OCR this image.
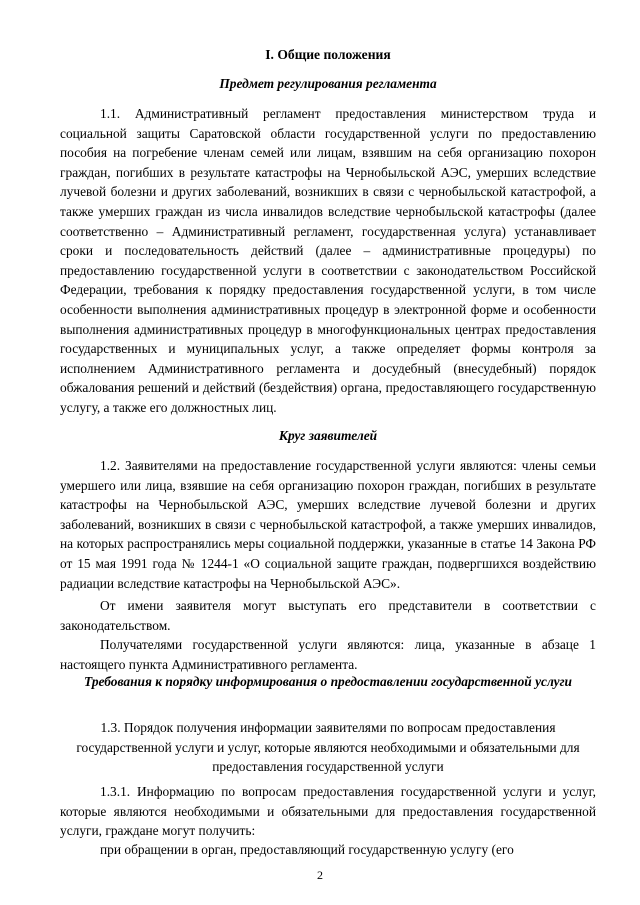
I. Общие положения
Предмет регулирования регламента
1.1. Административный регламент предоставления министерством труда и социальной защиты Саратовской области государственной услуги по предоставлению пособия на погребение членам семей или лицам, взявшим на себя организацию похорон граждан, погибших в результате катастрофы на Чернобыльской АЭС, умерших вследствие лучевой болезни и других заболеваний, возникших в связи с чернобыльской катастрофой, а также умерших граждан из числа инвалидов вследствие чернобыльской катастрофы (далее соответственно – Административный регламент, государственная услуга) устанавливает сроки и последовательность действий (далее – административные процедуры) по предоставлению государственной услуги в соответствии с законодательством Российской Федерации, требования к порядку предоставления государственной услуги, в том числе особенности выполнения административных процедур в электронной форме и особенности выполнения административных процедур в многофункциональных центрах предоставления государственных и муниципальных услуг, а также определяет формы контроля за исполнением Административного регламента и досудебный (внесудебный) порядок обжалования решений и действий (бездействия) органа, предоставляющего государственную услугу, а также его должностных лиц.
Круг заявителей
1.2. Заявителями на предоставление государственной услуги являются: члены семьи умершего или лица, взявшие на себя организацию похорон граждан, погибших в результате катастрофы на Чернобыльской АЭС, умерших вследствие лучевой болезни и других заболеваний, возникших в связи с чернобыльской катастрофой, а также умерших инвалидов, на которых распространялись меры социальной поддержки, указанные в статье 14 Закона РФ от 15 мая 1991 года № 1244-1 «О социальной защите граждан, подвергшихся воздействию радиации вследствие катастрофы на Чернобыльской АЭС».
От имени заявителя могут выступать его представители в соответствии с законодательством.
Получателями государственной услуги являются: лица, указанные в абзаце 1 настоящего пункта Административного регламента.
Требования к порядку информирования о предоставлении государственной услуги
1.3. Порядок получения информации заявителями по вопросам предоставления государственной услуги и услуг, которые являются необходимыми и обязательными для предоставления государственной услуги
1.3.1. Информацию по вопросам предоставления государственной услуги и услуг, которые являются необходимыми и обязательными для предоставления государственной услуги, граждане могут получить:
при обращении в орган, предоставляющий государственную услугу (его
2
